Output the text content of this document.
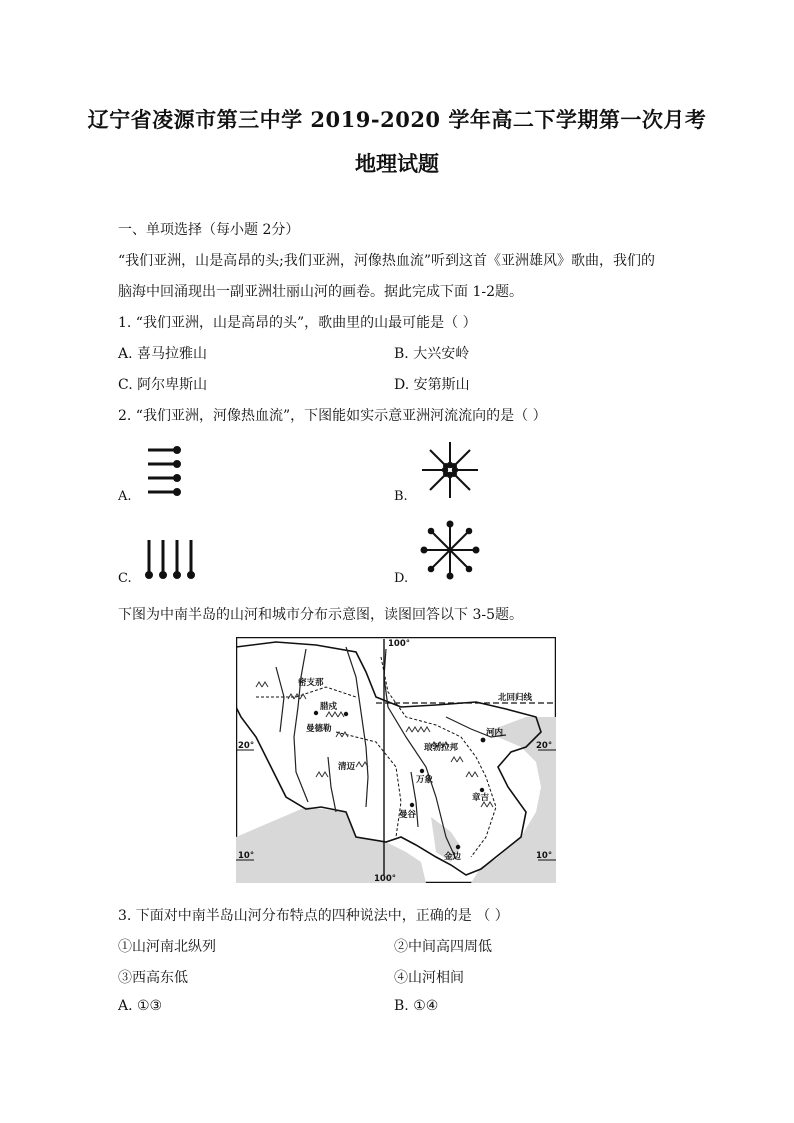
辽宁省凌源市第三中学 2019-2020 学年高二下学期第一次月考
地理试题
一、单项选择（每小题 2分）
“我们亚洲，山是高昂的头;我们亚洲，河像热血流”听到这首《亚洲雄风》歌曲，我们的
脑海中回涌现出一副亚洲壮丽山河的画卷。据此完成下面 1-2题。
1. “我们亚洲，山是高昂的头”，歌曲里的山最可能是（ ）
A. 喜马拉雅山	B. 大兴安岭
C. 阿尔卑斯山	D. 安第斯山
2. “我们亚洲，河像热血流”，下图能如实示意亚洲河流流向的是（ ）
A.	B.
C.	D.
下图为中南半岛的山河和城市分布示意图，读图回答以下 3-5题。
100°
100°
北回归线
20°	20°
10°	10°
密支那
腊戍
曼德勒
清迈
琅勃拉邦
万象
河内
章吉
曼谷
金边
3. 下面对中南半岛山河分布特点的四种说法中，正确的是 （ ）
①山河南北纵列	②中间高四周低
③西高东低	④山河相间
A. ①③	B. ①④
